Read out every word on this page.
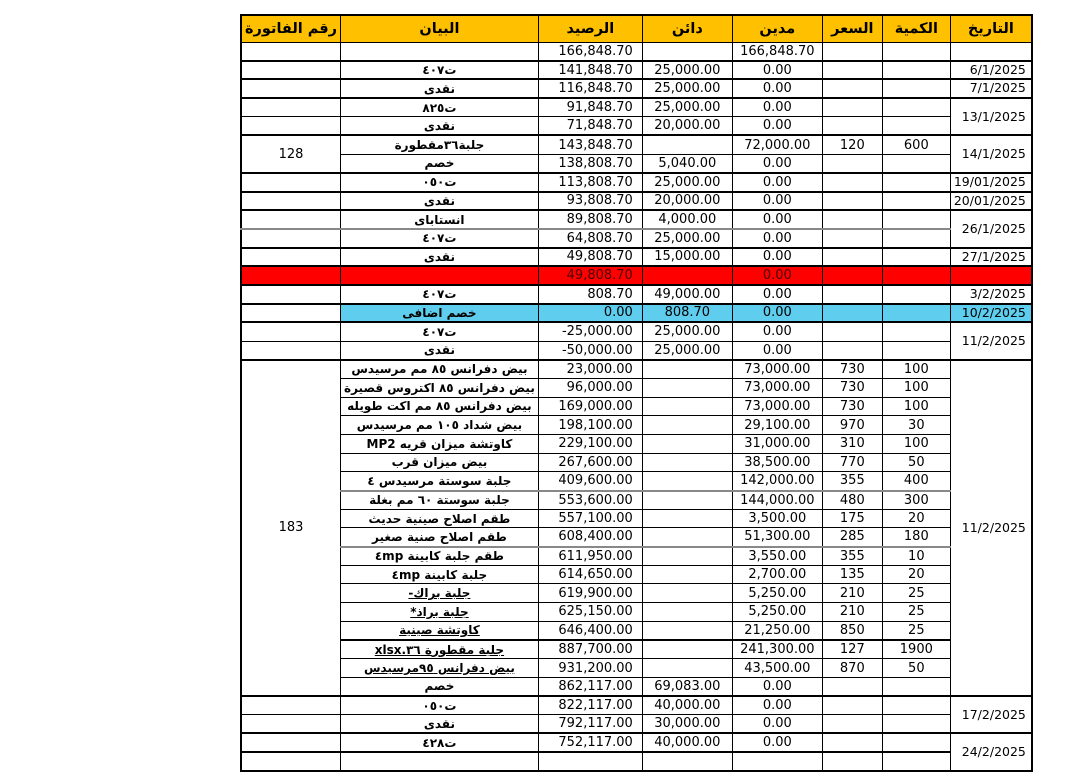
رقم الفاتورة	البيان	الرصيد	دائن	مدين	السعر	الكمية	التاريخ
		166,848.70		166,848.70			
	ت٤٠٧	141,848.70	25,000.00	0.00			6/1/2025
	نقدى	116,848.70	25,000.00	0.00			7/1/2025
	ت٨٢٥	91,848.70	25,000.00	0.00			13/1/2025
	نقدى	71,848.70	20,000.00	0.00			
128	جلبة٣٦مقطورة	143,848.70		72,000.00	120	600	14/1/2025
	خصم	138,808.70	5,040.00	0.00			
	ت٠٥٠	113,808.70	25,000.00	0.00			19/01/2025
	نقدى	93,808.70	20,000.00	0.00			20/01/2025
	انستاباى	89,808.70	4,000.00	0.00			26/1/2025
	ت٤٠٧	64,808.70	25,000.00	0.00			
	نقدى	49,808.70	15,000.00	0.00			27/1/2025
		49,808.70		0.00			
	ت٤٠٧	808.70	49,000.00	0.00			3/2/2025
	خصم اضافى	0.00	808.70	0.00			10/2/2025
	ت٤٠٧	-25,000.00	25,000.00	0.00			11/2/2025
	نقدى	-50,000.00	25,000.00	0.00			
183	بيض دفرانس ٨٥ مم مرسيدس	23,000.00		73,000.00	730	100	11/2/2025
	بيض دفرانس ٨٥ اكتروس قصيرة	96,000.00		73,000.00	730	100	
	بيض دفرانس ٨٥ مم اكت طويله	169,000.00		73,000.00	730	100	
	بيض شداد ١٠٥ مم مرسيدس	198,100.00		29,100.00	970	30	
	كاوتشة ميزان قريه MP2	229,100.00		31,000.00	310	100	
	بيض ميزان قرب	267,600.00		38,500.00	770	50	
	جلبة سوستة مرسيدس ٤	409,600.00		142,000.00	355	400	
	جلبة سوستة ٦٠ مم بغلة	553,600.00		144,000.00	480	300	
	طقم اصلاح صينية حديث	557,100.00		3,500.00	175	20	
	طقم اصلاح صنية صغير	608,400.00		51,300.00	285	180	
	طقم جلبة كابينة ٤mp	611,950.00		3,550.00	355	10	
	جلبة كابينة ٤mp	614,650.00		2,700.00	135	20	
	جلبة براك-	619,900.00		5,250.00	210	25	
	جلبة براذ*	625,150.00		5,250.00	210	25	
	كاوتشة صينية	646,400.00		21,250.00	850	25	
	جلبة مقطورة ٣٦.xlsx	887,700.00		241,300.00	127	1900	
	بيض دفرانس ٩٥مرسيدس	931,200.00		43,500.00	870	50	
	خصم	862,117.00	69,083.00	0.00			
	ت٠٥٠	822,117.00	40,000.00	0.00			17/2/2025
	نقدى	792,117.00	30,000.00	0.00			
	ت٤٢٨	752,117.00	40,000.00	0.00			24/2/2025
